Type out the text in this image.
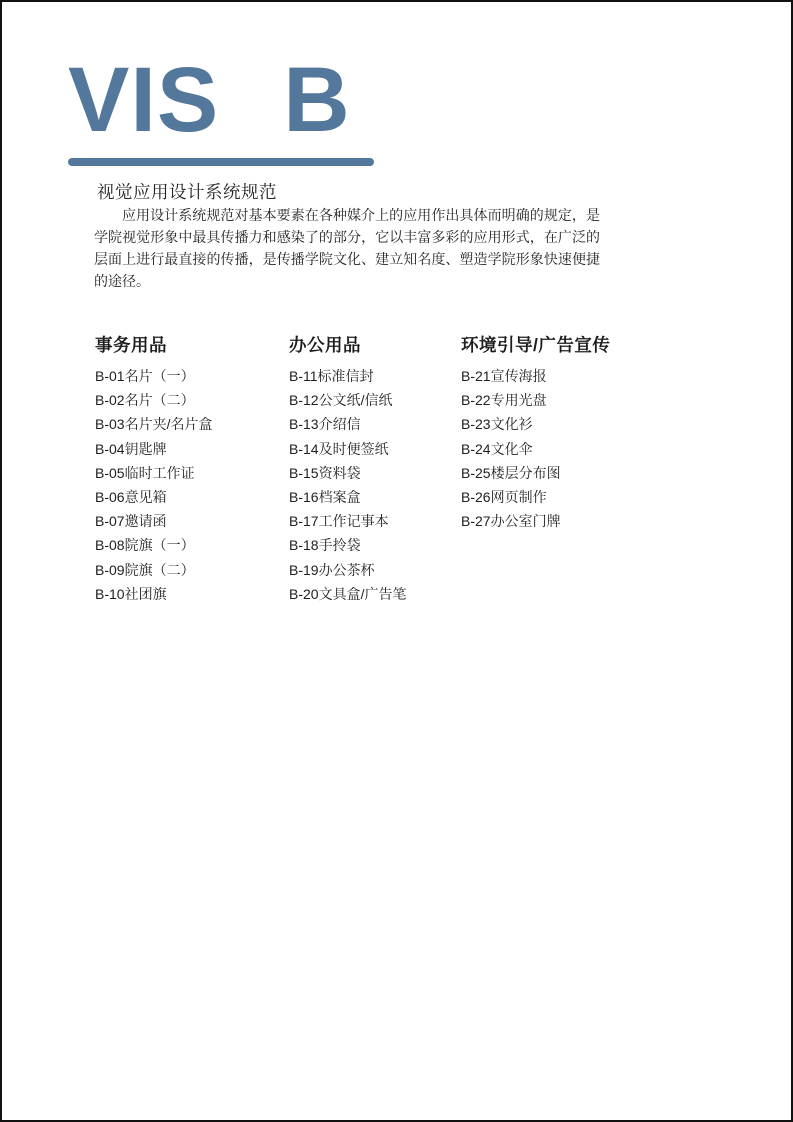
VIS B
视觉应用设计系统规范

应用设计系统规范对基本要素在各种媒介上的应用作出具体而明确的规定，是学院视觉形象中最具传播力和感染了的部分，它以丰富多彩的应用形式，在广泛的层面上进行最直接的传播，是传播学院文化、建立知名度、塑造学院形象快速便捷的途径。

事务用品
B-01名片（一）
B-02名片（二）
B-03名片夹/名片盒
B-04钥匙牌
B-05临时工作证
B-06意见箱
B-07邀请函
B-08院旗（一）
B-09院旗（二）
B-10社团旗
办公用品
B-11标准信封
B-12公文纸/信纸
B-13介绍信
B-14及时便签纸
B-15资料袋
B-16档案盒
B-17工作记事本
B-18手拎袋
B-19办公茶杯
B-20文具盒/广告笔
环境引导/广告宣传
B-21宣传海报
B-22专用光盘
B-23文化衫
B-24文化伞
B-25楼层分布图
B-26网页制作
B-27办公室门牌
